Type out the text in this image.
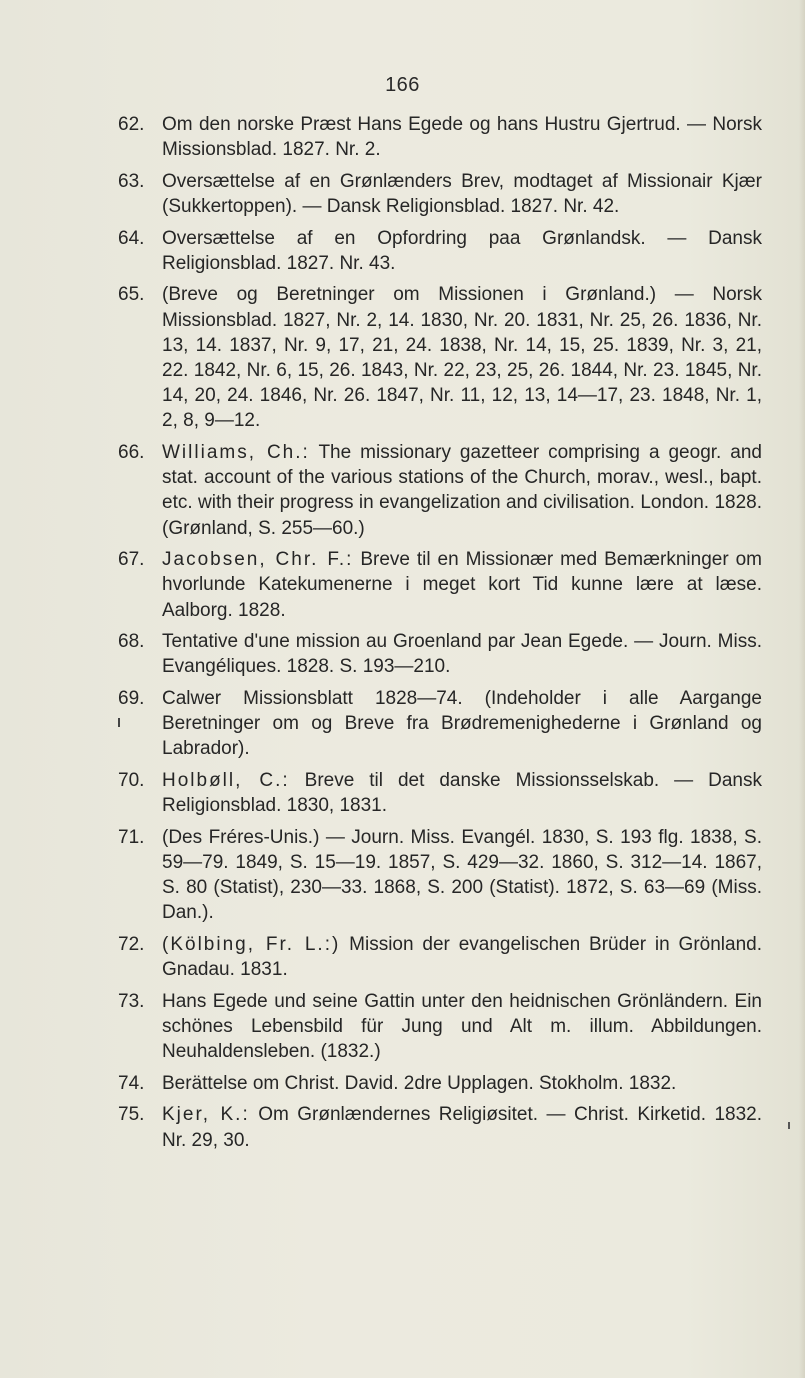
166
62. Om den norske Præst Hans Egede og hans Hustru Gjertrud. — Norsk Missionsblad. 1827. Nr. 2.
63. Oversættelse af en Grønlænders Brev, modtaget af Missionair Kjær (Sukkertoppen). — Dansk Religionsblad. 1827. Nr. 42.
64. Oversættelse af en Opfordring paa Grønlandsk. — Dansk Religionsblad. 1827. Nr. 43.
65. (Breve og Beretninger om Missionen i Grønland.) — Norsk Missionsblad. 1827, Nr. 2, 14. 1830, Nr. 20. 1831, Nr. 25, 26. 1836, Nr. 13, 14. 1837, Nr. 9, 17, 21, 24. 1838, Nr. 14, 15, 25. 1839, Nr. 3, 21, 22. 1842, Nr. 6, 15, 26. 1843, Nr. 22, 23, 25, 26. 1844, Nr. 23. 1845, Nr. 14, 20, 24. 1846, Nr. 26. 1847, Nr. 11, 12, 13, 14—17, 23. 1848, Nr. 1, 2, 8, 9—12.
66. Williams, Ch.: The missionary gazetteer comprising a geogr. and stat. account of the various stations of the Church, morav., wesl., bapt. etc. with their progress in evangelization and civilisation. London. 1828. (Grønland, S. 255—60.)
67. Jacobsen, Chr. F.: Breve til en Missionær med Bemærkninger om hvorlunde Katekumenerne i meget kort Tid kunne lære at læse. Aalborg. 1828.
68. Tentative d'une mission au Groenland par Jean Egede. — Journ. Miss. Evangéliques. 1828. S. 193—210.
69. Calwer Missionsblatt 1828—74. (Indeholder i alle Aargange Beretninger om og Breve fra Brødremenighederne i Grønland og Labrador).
70. Holbøll, C.: Breve til det danske Missionsselskab. — Dansk Religionsblad. 1830, 1831.
71. (Des Fréres-Unis.) — Journ. Miss. Evangél. 1830, S. 193 flg. 1838, S. 59—79. 1849, S. 15—19. 1857, S. 429—32. 1860, S. 312—14. 1867, S. 80 (Statist), 230—33. 1868, S. 200 (Statist). 1872, S. 63—69 (Miss. Dan.).
72. (Kölbing, Fr. L.:) Mission der evangelischen Brüder in Grönland. Gnadau. 1831.
73. Hans Egede und seine Gattin unter den heidnischen Grönländern. Ein schönes Lebensbild für Jung und Alt m. illum. Abbildungen. Neuhaldensleben. (1832.)
74. Berättelse om Christ. David. 2dre Upplagen. Stokholm. 1832.
75. Kjer, K.: Om Grønlændernes Religiøsitet. — Christ. Kirketid. 1832. Nr. 29, 30.
